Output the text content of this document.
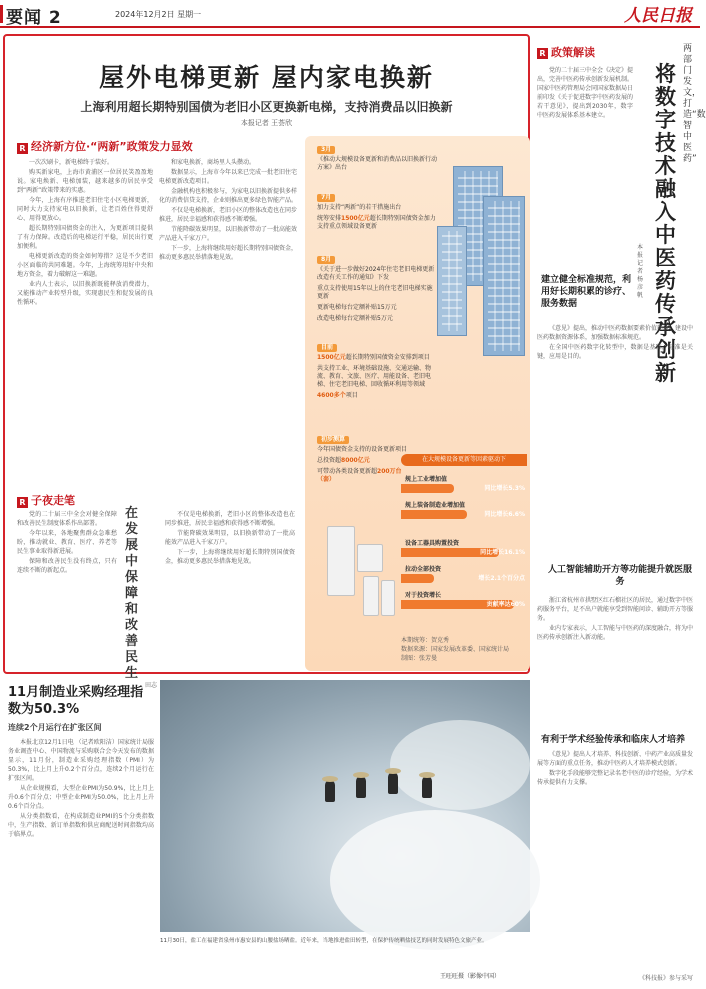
要闻 2	2024年12月2日 星期一	人民日报
屋外电梯更新 屋内家电换新
上海利用超长期特别国债为老旧小区更换新电梯，支持消费品以旧换新
本报记者 王荟欣
R 经济新方位·“两新”政策发力显效

一次次刷卡，新电梯终于装好。

购买新家电，上海市黄浦区一位居民笑盈盈地说。家电焕新、电梯加装，越来越多的居民享受到“两新”政策带来的实惠。

今年，上海有序推进老旧住宅小区电梯更新，同时大力支持家电以旧换新，让老百姓住得更舒心、用得更放心。

超长期特别国债资金的注入，为更新项目提供了有力保障。改造后的电梯运行平稳，居民出行更加便利。

电梯更新改造的资金如何筹措？这是不少老旧小区面临的共同难题。今年，上海统筹用好中央和地方资金，着力破解这一难题。

业内人士表示，以旧换新既能释放消费潜力，又能推动产业转型升级，实现惠民生和促发展的良性循环。

和家电换新，商场里人头攒动。

数据显示，上海市今年以来已完成一批老旧住宅电梯更新改造项目。

金融机构也积极参与，为家电以旧换新提供多样化的消费信贷支持，企业则推出更多绿色智能产品。

不仅是电梯换新，老旧小区的整体改造也在同步推进，居民幸福感和获得感不断增强。

节能降碳效果明显，以旧换新带动了一批高能效产品进入千家万户。

下一步，上海将继续用好超长期特别国债资金，推动更多惠民举措落地见效。

R 子夜走笔

党的二十届三中全会对健全保障和改善民生制度体系作出部署。

今年以来，各地聚焦群众急难愁盼，推动就业、教育、医疗、养老等民生事业取得新进展。

保障和改善民生没有终点，只有连续不断的新起点。

在发展中保障和改善民生
田志

不仅是电梯换新，老旧小区的整体改造也在同步推进，居民幸福感和获得感不断增强。

节能降碳效果明显，以旧换新带动了一批高能效产品进入千家万户。

下一步，上海将继续用好超长期特别国债资金，推动更多惠民举措落地见效。

3月
《推动大规模设备更新和消费品以旧换新行动方案》出台
7月
加力支持“两新”的若干措施出台
统筹安排1500亿元超长期特别国债资金加力支持重点领域设备更新
8月
《关于进一步做好2024年住宅老旧电梯更新改造有关工作的通知》下发
重点支持使用15年以上的住宅老旧电梯实施更新
更新电梯每台定额补贴15万元
改造电梯每台定额补贴5万元
目前
1500亿元超长期特别国债资金安排到项目
共支持工业、环境基础设施、交通运输、物流、教育、文旅、医疗、用能设备、老旧电梯、住宅老旧电梯、回收循环利用等领域
4600多个项目
初步测算
今年国债资金支持的设备更新项目
总投资超8000亿元
可带动各类设备更新超200万台（套）
在大规模设备更新等因素驱动下
规上工业增加值
同比增长5.3%
规上装备制造业增加值
同比增长6.6%
设备工器具购置投资
同比增长16.1%
拉动全部投资
增长2.1个百分点
对于投资增长
贡献率达60%
本期统筹：贺克秀
数据来源：国家发展改革委、国家统计局
制图：张芳曼
11月制造业采购经理指数为50.3%
连续2个月运行在扩张区间

本报北京12月1日电 （记者欧阳洁）国家统计局服务业调查中心、中国物流与采购联合会今天发布的数据显示，11月份，制造业采购经理指数（PMI）为50.3%，比上月上升0.2个百分点，连续2个月运行在扩张区间。

从企业规模看，大型企业PMI为50.9%，比上月上升0.6个百分点；中型企业PMI为50.0%，比上月上升0.6个百分点。

从分类指数看，在构成制造业PMI的5个分类指数中，生产指数、新订单指数和供应商配送时间指数均高于临界点。

11月30日，盐工在福建省泉州市惠安县的山腰盐场晒盐。近年来，当地推进盐田转型，在保护传统晒盐技艺的同时发展特色文旅产业。
王旺旺摄（影像中国）
R 政策解读	两部门发文，打造“数智中医药”
将数字技术融入中医药传承创新
本报记者 杨彦帆

党的二十届三中全会《决定》提出，完善中医药传承创新发展机制。国家中医药管理局会同国家数据局日前印发《关于促进数字中医药发展的若干意见》，提出到2030年，数字中医药发展体系基本建立。

建立健全标准规范，利用好长期积累的诊疗、服务数据

《意见》提出，推动中医药数据要素价值释放，建设中医药数据资源体系，加强数据标准规范。

在全国中医药数字化转型中，数据是基础，标准是关键，应用是目的。

人工智能辅助开方等功能提升就医服务

浙江省杭州市拱墅区红石榴社区的居民，通过数字中医药服务平台，足不出户就能享受到智能问诊、辅助开方等服务。

业内专家表示，人工智能与中医药的深度融合，将为中医药传承创新注入新动能。

有利于学术经验传承和临床人才培养

《意见》提出人才培养、科技创新、中药产业高质量发展等方面的重点任务，推动中医药人才培养模式创新。

数字化手段能够完整记录名老中医的诊疗经验，为学术传承提供有力支撑。

《科技报》参与采写
